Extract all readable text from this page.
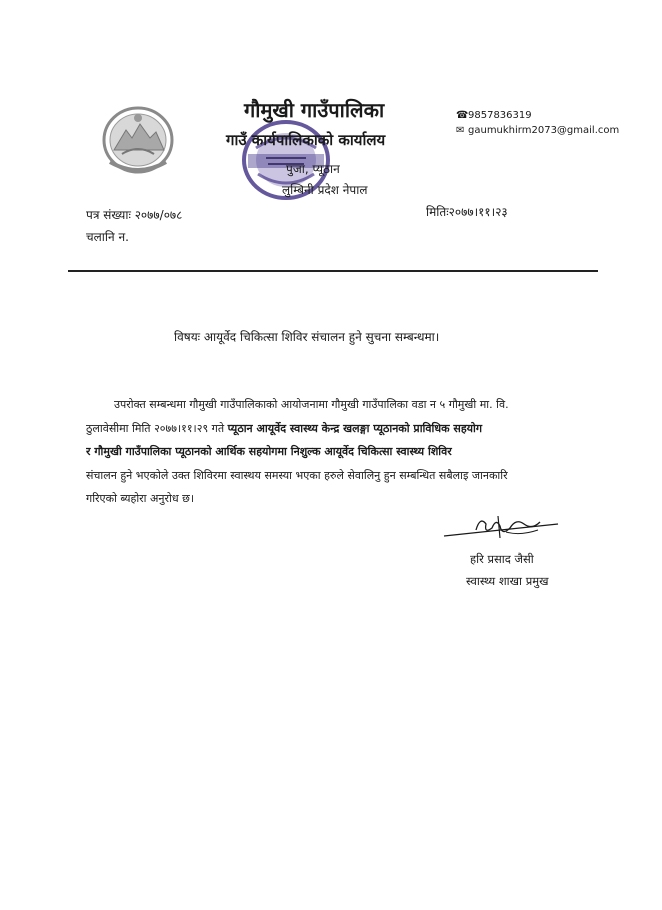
गौमुखी गाउँपालिका
गाउँ कार्यपालिकाको कार्यालय
पुजा, प्यूठान
लुम्बिनी प्रदेश नेपाल
☎ 9857836319
✉ gaumukhirm2073@gmail.com
पत्र संख्याः २०७७/०७८
चलानि न.
मितिः२०७७।११।२३
विषयः आयूर्वेद चिकित्सा शिविर संचालन हुने सुचना सम्बन्धमा।
उपरोक्त सम्बन्धमा गौमुखी गाउँपालिकाको आयोजनामा गौमुखी गाउँपालिका वडा न ५ गौमुखी मा. वि.
ठुलावेसीमा मिति २०७७।११।२९ गते प्यूठान आयूर्वेद स्वास्थ्य केन्द्र खलङ्गा प्यूठानको प्राविधिक सहयोग
र गौमुखी गाउँपालिका प्यूठानको आर्थिक सहयोगमा निशुल्क आयूर्वेद चिकित्सा स्वास्थ्य शिविर
संचालन हुने भएकोले उक्त शिविरमा स्वास्थय समस्या भएका हरुले सेवालिनु हुन सम्बन्धित सबैलाइ जानकारि
गरिएको ब्यहोरा अनुरोध छ।
हरि प्रसाद जैसी
स्वास्थ्य शाखा प्रमुख
